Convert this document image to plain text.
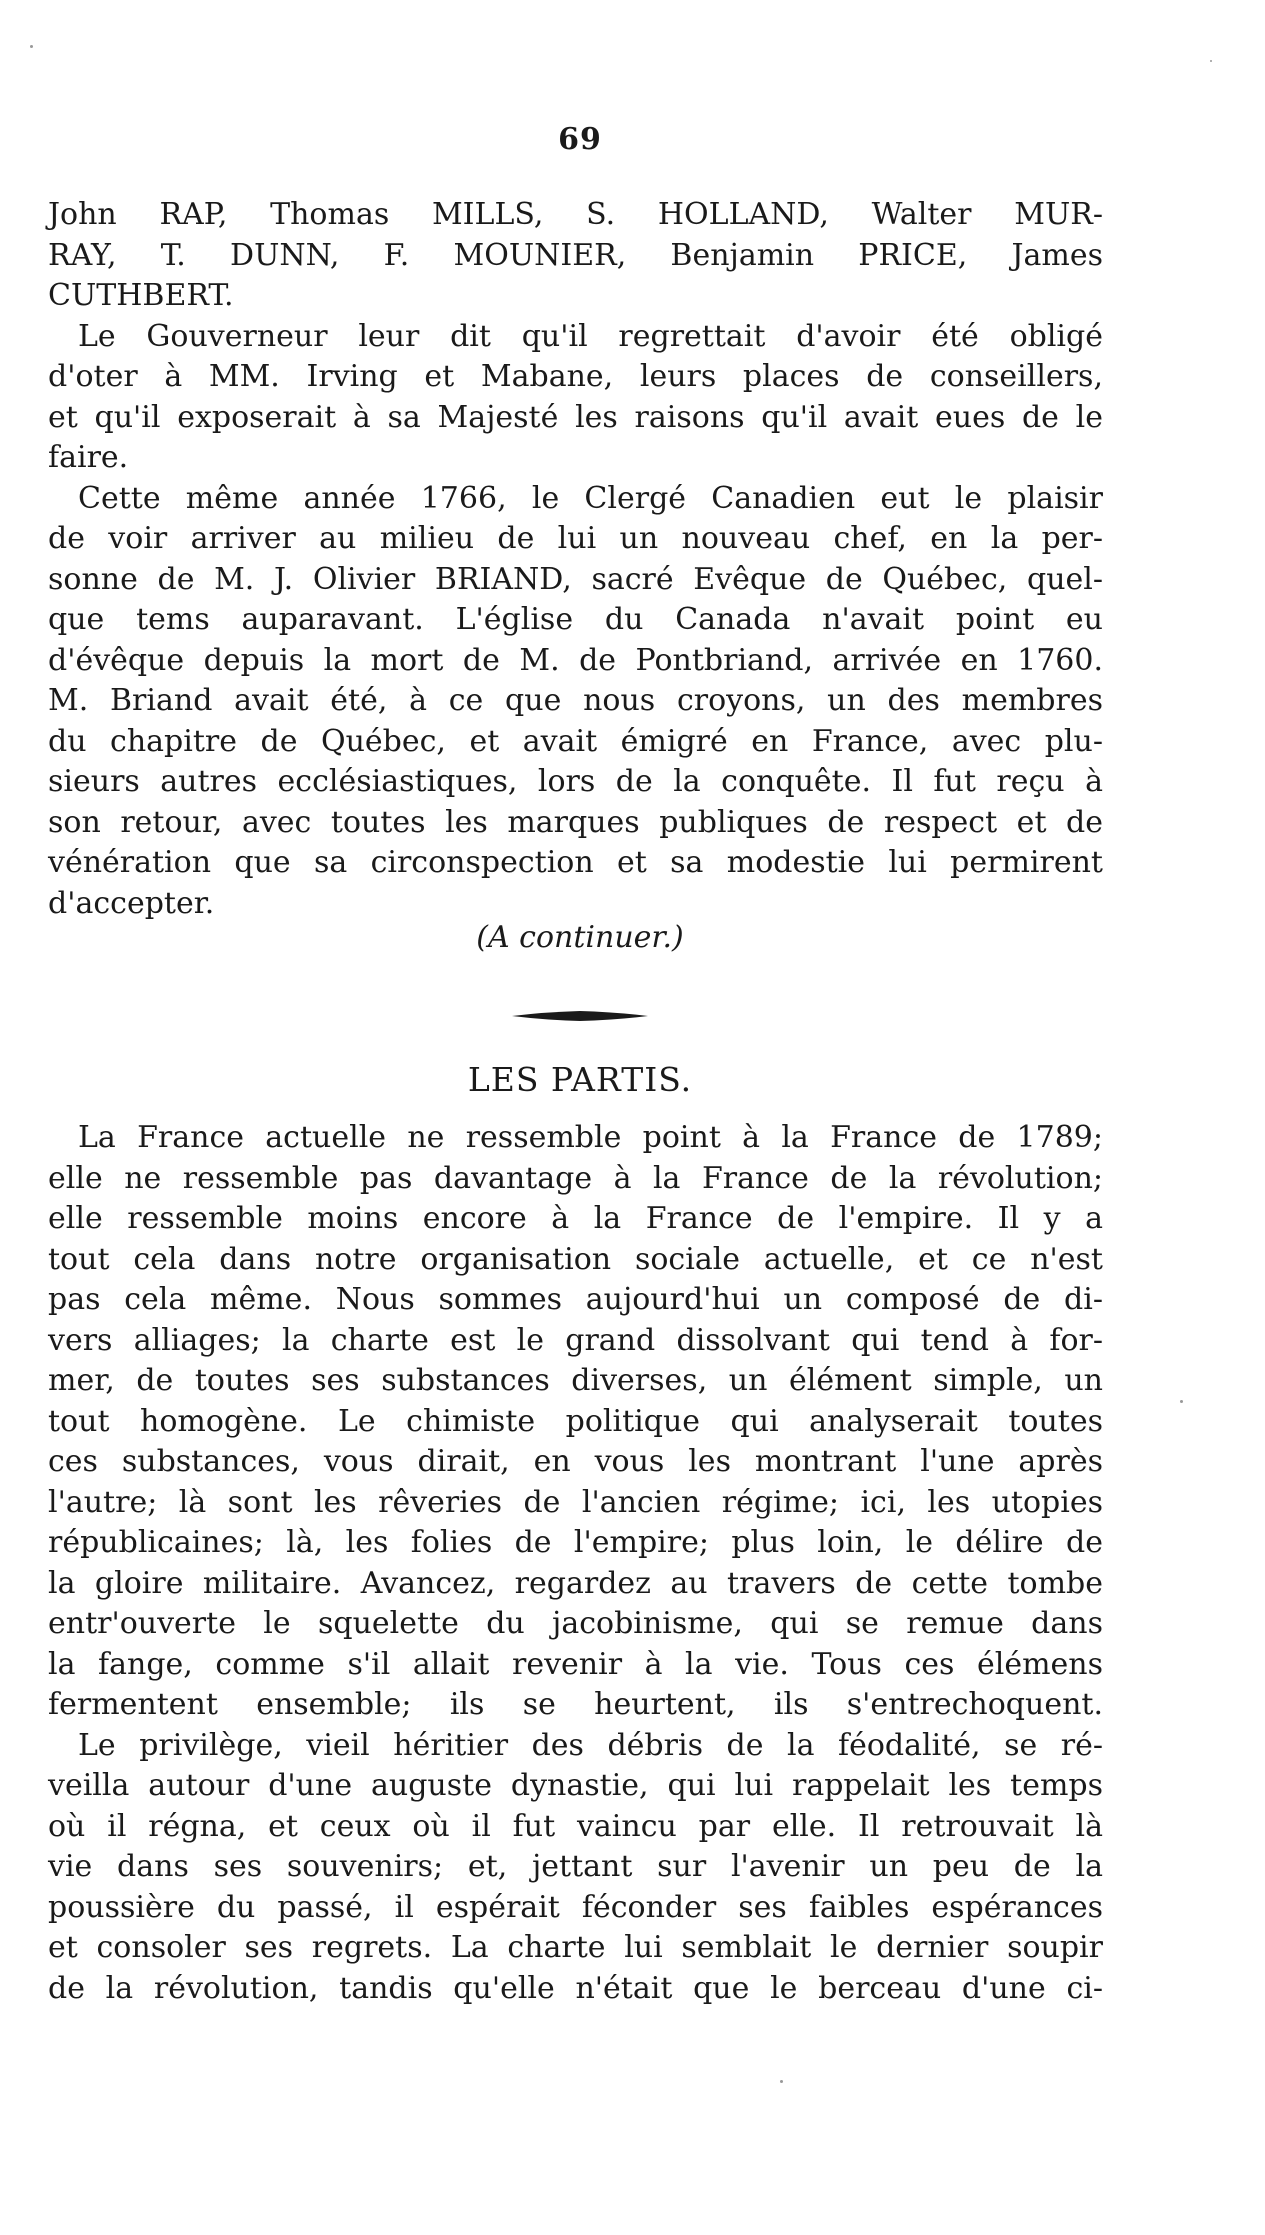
69
John RAP, Thomas MILLS, S. HOLLAND, Walter MUR-
RAY, T. DUNN, F. MOUNIER, Benjamin PRICE, James
CUTHBERT.
Le Gouverneur leur dit qu'il regrettait d'avoir été obligé
d'oter à MM. Irving et Mabane, leurs places de conseillers,
et qu'il exposerait à sa Majesté les raisons qu'il avait eues de le
faire.
Cette même année 1766, le Clergé Canadien eut le plaisir
de voir arriver au milieu de lui un nouveau chef, en la per-
sonne de M. J. Olivier BRIAND, sacré Evêque de Québec, quel-
que tems auparavant. L'église du Canada n'avait point eu
d'évêque depuis la mort de M. de Pontbriand, arrivée en 1760.
M. Briand avait été, à ce que nous croyons, un des membres
du chapitre de Québec, et avait émigré en France, avec plu-
sieurs autres ecclésiastiques, lors de la conquête. Il fut reçu à
son retour, avec toutes les marques publiques de respect et de
vénération que sa circonspection et sa modestie lui permirent
d'accepter.
(A continuer.)
LES PARTIS.
La France actuelle ne ressemble point à la France de 1789;
elle ne ressemble pas davantage à la France de la révolution;
elle ressemble moins encore à la France de l'empire. Il y a
tout cela dans notre organisation sociale actuelle, et ce n'est
pas cela même. Nous sommes aujourd'hui un composé de di-
vers alliages; la charte est le grand dissolvant qui tend à for-
mer, de toutes ses substances diverses, un élément simple, un
tout homogène. Le chimiste politique qui analyserait toutes
ces substances, vous dirait, en vous les montrant l'une après
l'autre; là sont les rêveries de l'ancien régime; ici, les utopies
républicaines; là, les folies de l'empire; plus loin, le délire de
la gloire militaire. Avancez, regardez au travers de cette tombe
entr'ouverte le squelette du jacobinisme, qui se remue dans
la fange, comme s'il allait revenir à la vie. Tous ces élémens
fermentent ensemble; ils se heurtent, ils s'entrechoquent.
Le privilège, vieil héritier des débris de la féodalité, se ré-
veilla autour d'une auguste dynastie, qui lui rappelait les temps
où il régna, et ceux où il fut vaincu par elle. Il retrouvait là
vie dans ses souvenirs; et, jettant sur l'avenir un peu de la
poussière du passé, il espérait féconder ses faibles espérances
et consoler ses regrets. La charte lui semblait le dernier soupir
de la révolution, tandis qu'elle n'était que le berceau d'une ci-
